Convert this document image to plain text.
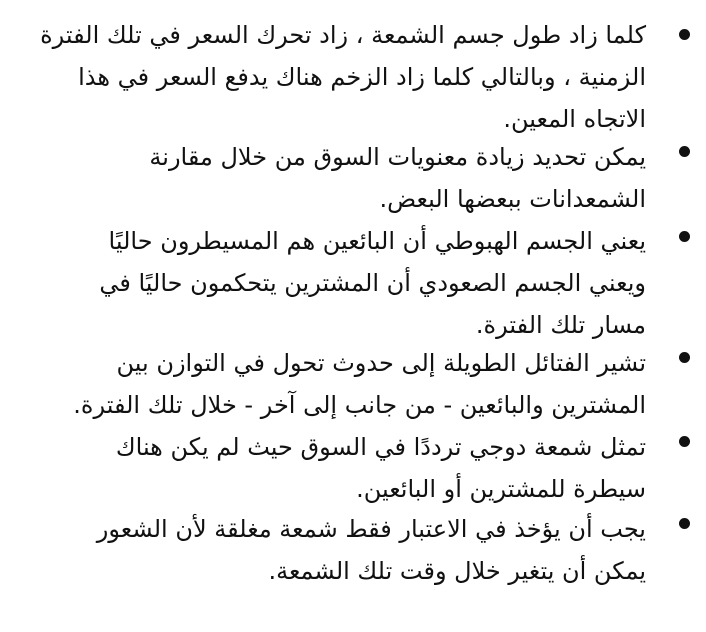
كلما زاد طول جسم الشمعة ، زاد تحرك السعر في تلك الفترة
الزمنية ، وبالتالي كلما زاد الزخم هناك يدفع السعر في هذا
الاتجاه المعين.
يمكن تحديد زيادة معنويات السوق من خلال مقارنة
الشمعدانات ببعضها البعض.
يعني الجسم الهبوطي أن البائعين هم المسيطرون حاليًا
ويعني الجسم الصعودي أن المشترين يتحكمون حاليًا في
مسار تلك الفترة.
تشير الفتائل الطويلة إلى حدوث تحول في التوازن بين
المشترين والبائعين - من جانب إلى آخر - خلال تلك الفترة.
تمثل شمعة دوجي ترددًا في السوق حيث لم يكن هناك
سيطرة للمشترين أو البائعين.
يجب أن يؤخذ في الاعتبار فقط شمعة مغلقة لأن الشعور
يمكن أن يتغير خلال وقت تلك الشمعة.
